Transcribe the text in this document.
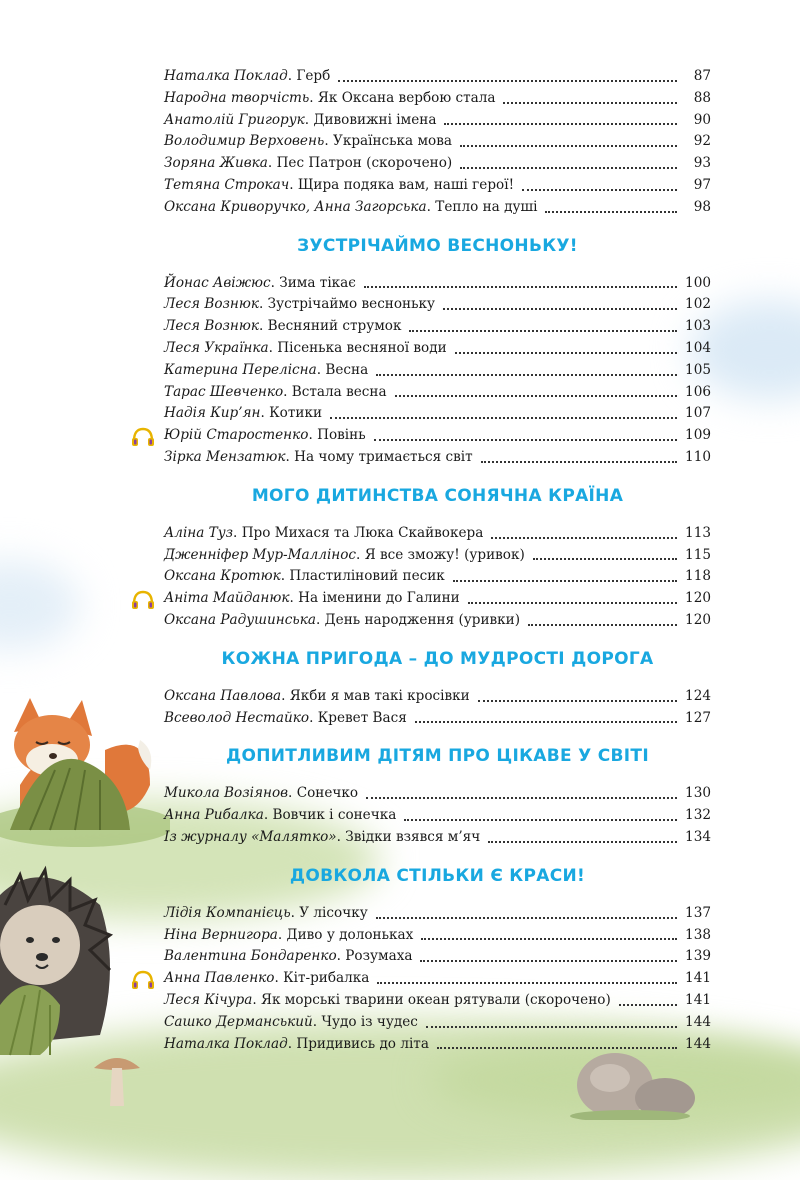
Наталка Поклад . Герб	87
Народна творчість . Як Оксана вербою стала	88
Анатолій Григорук . Дивовижні імена	90
Володимир Верховень . Українська мова	92
Зоряна Живка . Пес Патрон (скорочено)	93
Тетяна Строкач . Щира подяка вам, наші герої!	97
Оксана Криворучко, Анна Загорська . Тепло на душі	98
ЗУСТРІЧАЙМО ВЕСНОНЬКУ!
Йонас Авіжюс . Зима тікає	100
Леся Вознюк . Зустрічаймо весноньку	102
Леся Вознюк . Весняний струмок	103
Леся Українка . Пісенька весняної води	104
Катерина Перелісна . Весна	105
Тарас Шевченко . Встала весна	106
Надія Кир’ян . Котики	107
Юрій Старостенко . Повінь	109
Зірка Мензатюк . На чому тримається світ	110
МОГО ДИТИНСТВА СОНЯЧНА КРАЇНА
Аліна Туз . Про Михася та Люка Скайвокера	113
Дженніфер Мур-Маллінос . Я все зможу! (уривок)	115
Оксана Кротюк . Пластиліновий песик	118
Аніта Майданюк . На іменини до Галини	120
Оксана Радушинська . День народження (уривки)	120
КОЖНА ПРИГОДА – ДО МУДРОСТІ ДОРОГА
Оксана Павлова . Якби я мав такі кросівки	124
Всеволод Нестайко . Кревет Вася	127
ДОПИТЛИВИМ ДІТЯМ ПРО ЦІКАВЕ У СВІТІ
Микола Возіянов . Сонечко	130
Анна Рибалка . Вовчик і сонечка	132
Із журналу «Малятко» . Звідки взявся м’яч	134
ДОВКОЛА СТІЛЬКИ Є КРАСИ!
Лідія Компанієць . У лісочку	137
Ніна Вернигора . Диво у долоньках	138
Валентина Бондаренко . Розумаха	139
Анна Павленко . Кіт-рибалка	141
Леся Кічура . Як морські тварини океан рятували (скорочено)	141
Сашко Дерманський . Чудо із чудес	144
Наталка Поклад . Придивись до літа	144
